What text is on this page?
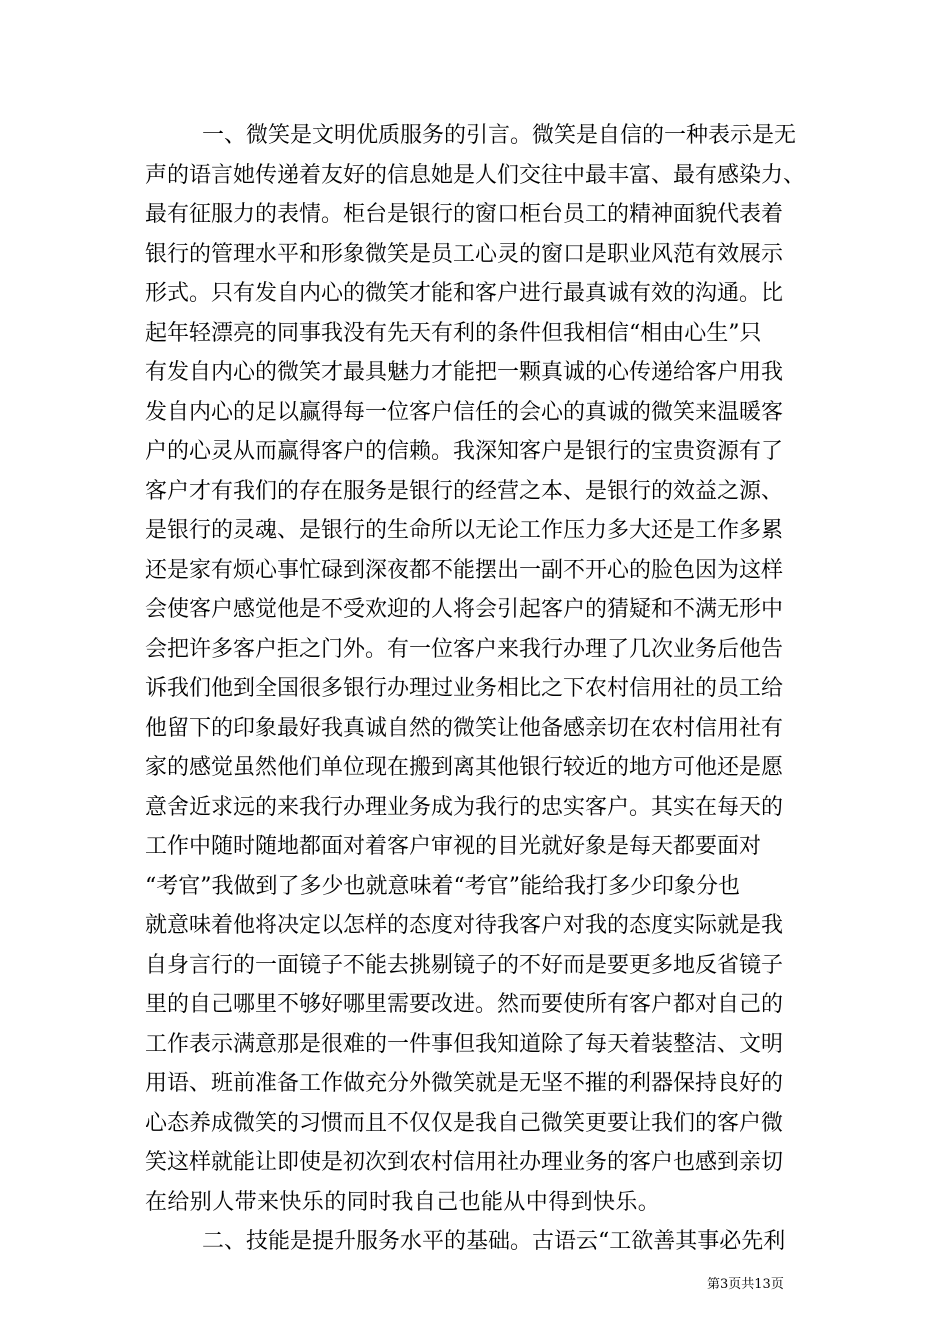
一、微笑是文明优质服务的引言。微笑是自信的一种表示是无
声的语言她传递着友好的信息她是人们交往中最丰富、最有感染力、
最有征服力的表情。柜台是银行的窗口柜台员工的精神面貌代表着
银行的管理水平和形象微笑是员工心灵的窗口是职业风范有效展示
形式。只有发自内心的微笑才能和客户进行最真诚有效的沟通。比
起年轻漂亮的同事我没有先天有利的条件但我相信“相由心生”只
有发自内心的微笑才最具魅力才能把一颗真诚的心传递给客户用我
发自内心的足以赢得每一位客户信任的会心的真诚的微笑来温暖客
户的心灵从而赢得客户的信赖。我深知客户是银行的宝贵资源有了
客户才有我们的存在服务是银行的经营之本、是银行的效益之源、
是银行的灵魂、是银行的生命所以无论工作压力多大还是工作多累
还是家有烦心事忙碌到深夜都不能摆出一副不开心的脸色因为这样
会使客户感觉他是不受欢迎的人将会引起客户的猜疑和不满无形中
会把许多客户拒之门外。有一位客户来我行办理了几次业务后他告
诉我们他到全国很多银行办理过业务相比之下农村信用社的员工给
他留下的印象最好我真诚自然的微笑让他备感亲切在农村信用社有
家的感觉虽然他们单位现在搬到离其他银行较近的地方可他还是愿
意舍近求远的来我行办理业务成为我行的忠实客户。其实在每天的
工作中随时随地都面对着客户审视的目光就好象是每天都要面对
“考官”我做到了多少也就意味着“考官”能给我打多少印象分也
就意味着他将决定以怎样的态度对待我客户对我的态度实际就是我
自身言行的一面镜子不能去挑剔镜子的不好而是要更多地反省镜子
里的自己哪里不够好哪里需要改进。然而要使所有客户都对自己的
工作表示满意那是很难的一件事但我知道除了每天着装整洁、文明
用语、班前准备工作做充分外微笑就是无坚不摧的利器保持良好的
心态养成微笑的习惯而且不仅仅是我自己微笑更要让我们的客户微
笑这样就能让即使是初次到农村信用社办理业务的客户也感到亲切
在给别人带来快乐的同时我自己也能从中得到快乐。
二、技能是提升服务水平的基础。古语云“工欲善其事必先利
第3页共13页
